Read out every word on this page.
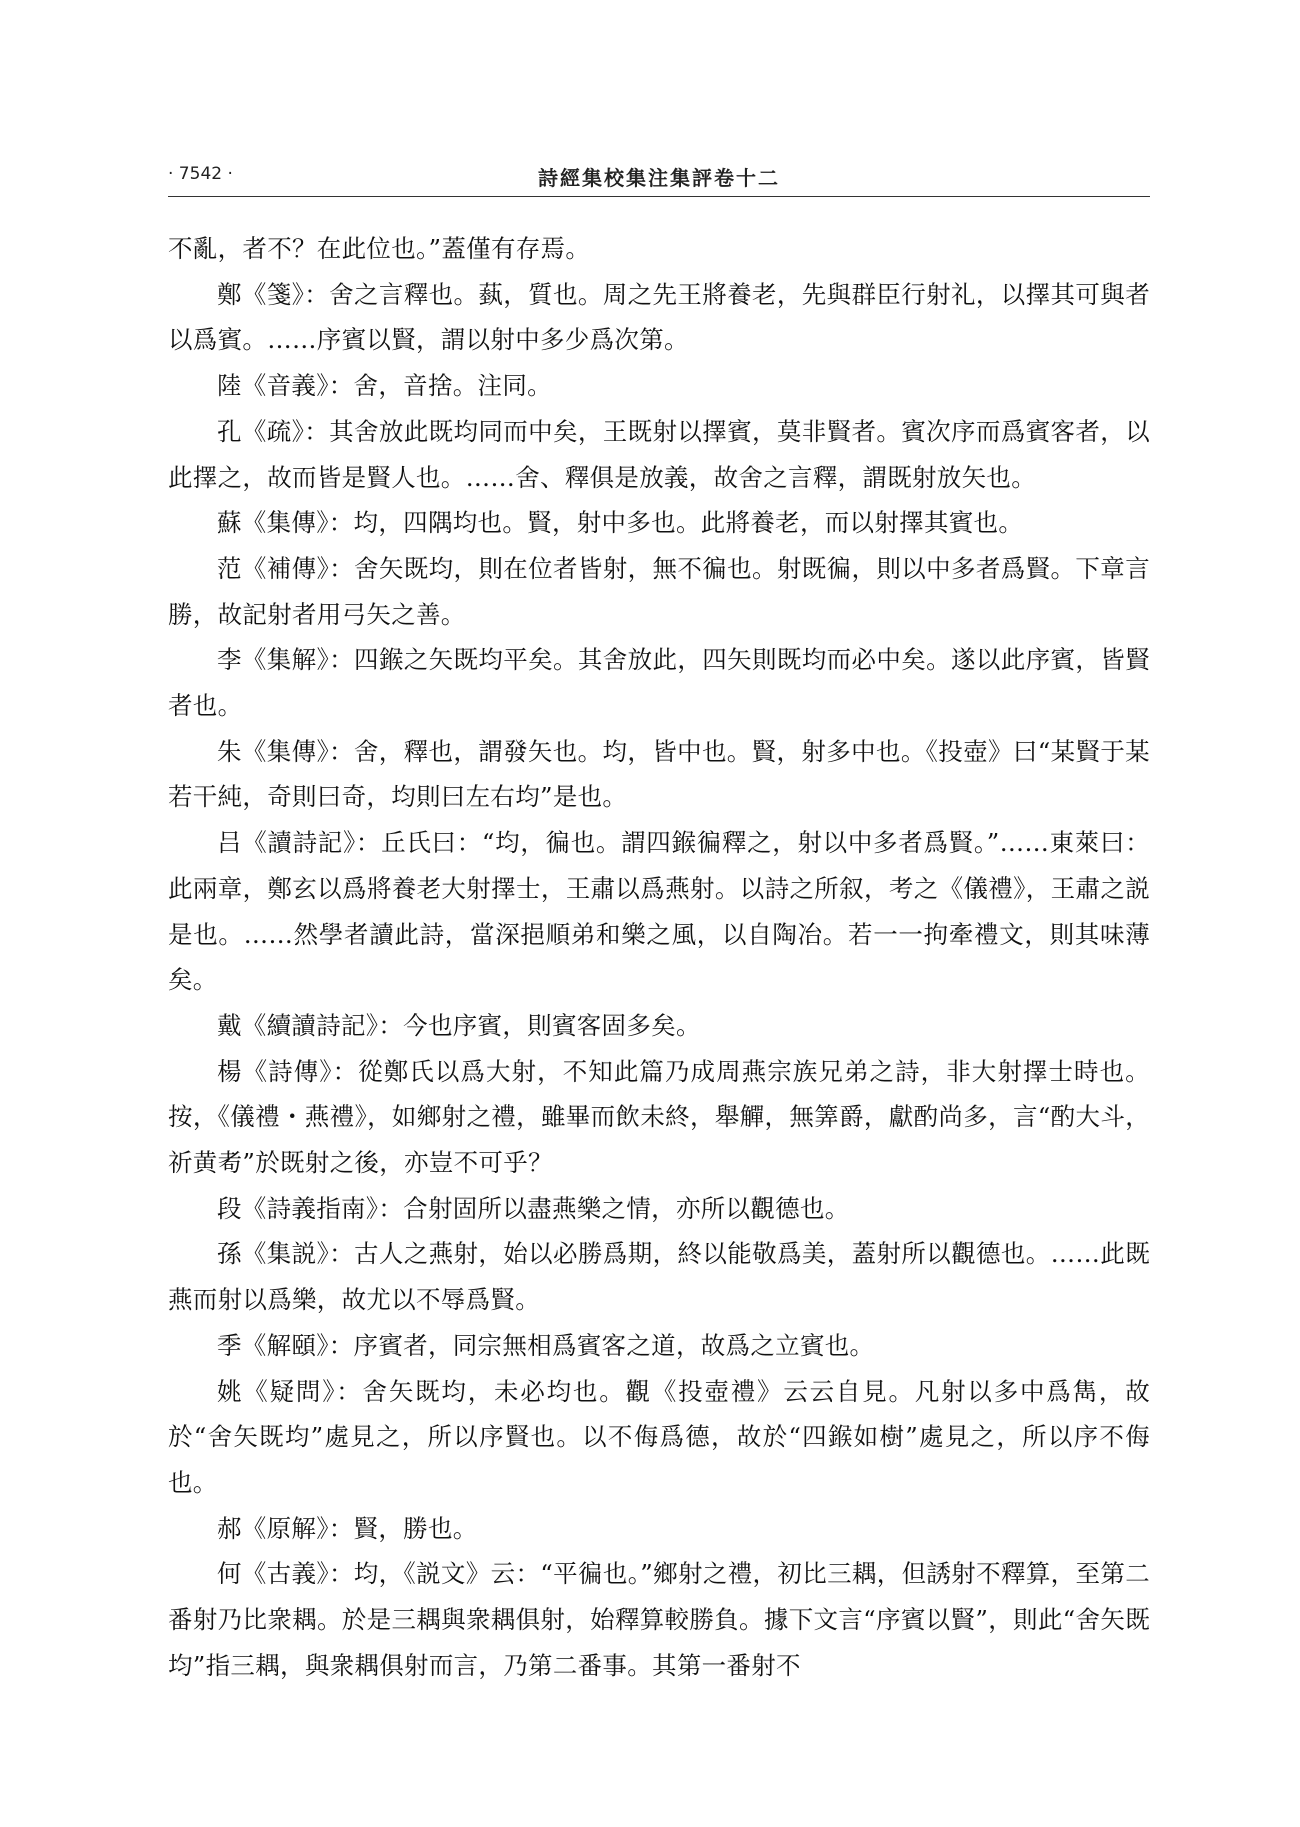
· 7542 ·	詩經集校集注集評卷十二

不亂，者不？在此位也。”蓋僅有存焉。

鄭《箋》：舍之言釋也。蓺，質也。周之先王將養老，先與群臣行射礼，以擇其可與者以爲賓。……序賓以賢，謂以射中多少爲次第。

陸《音義》：舍，音捨。注同。

孔《疏》：其舍放此既均同而中矣，王既射以擇賓，莫非賢者。賓次序而爲賓客者，以此擇之，故而皆是賢人也。……舍、釋俱是放義，故舍之言釋，謂既射放矢也。

蘇《集傳》：均，四隅均也。賢，射中多也。此將養老，而以射擇其賓也。

范《補傳》：舍矢既均，則在位者皆射，無不徧也。射既徧，則以中多者爲賢。下章言勝，故記射者用弓矢之善。

李《集解》：四鍭之矢既均平矣。其舍放此，四矢則既均而必中矣。遂以此序賓，皆賢者也。

朱《集傳》：舍，釋也，謂發矢也。均，皆中也。賢，射多中也。《投壺》曰“某賢于某若干純，奇則曰奇，均則曰左右均”是也。

吕《讀詩記》：丘氏曰：“均，徧也。謂四鍭徧釋之，射以中多者爲賢。”……東萊曰：此兩章，鄭玄以爲將養老大射擇士，王肅以爲燕射。以詩之所叙，考之《儀禮》，王肅之説是也。……然學者讀此詩，當深挹順弟和樂之風，以自陶冶。若一一拘牽禮文，則其味薄矣。

戴《續讀詩記》：今也序賓，則賓客固多矣。

楊《詩傳》：從鄭氏以爲大射，不知此篇乃成周燕宗族兄弟之詩，非大射擇士時也。按，《儀禮・燕禮》，如鄉射之禮，雖畢而飲未終，舉觶，無筭爵，獻酌尚多，言“酌大斗，祈黄耇”於既射之後，亦豈不可乎？

段《詩義指南》：合射固所以盡燕樂之情，亦所以觀德也。

孫《集説》：古人之燕射，始以必勝爲期，終以能敬爲美，蓋射所以觀德也。……此既燕而射以爲樂，故尤以不辱爲賢。

季《解頤》：序賓者，同宗無相爲賓客之道，故爲之立賓也。

姚《疑問》：舍矢既均，未必均也。觀《投壺禮》云云自見。凡射以多中爲雋，故於“舍矢既均”處見之，所以序賢也。以不侮爲德，故於“四鍭如樹”處見之，所以序不侮也。

郝《原解》：賢，勝也。

何《古義》：均，《説文》云：“平徧也。”鄉射之禮，初比三耦，但誘射不釋算，至第二番射乃比衆耦。於是三耦與衆耦俱射，始釋算較勝負。據下文言“序賓以賢”，則此“舍矢既均”指三耦，與衆耦俱射而言，乃第二番事。其第一番射不
